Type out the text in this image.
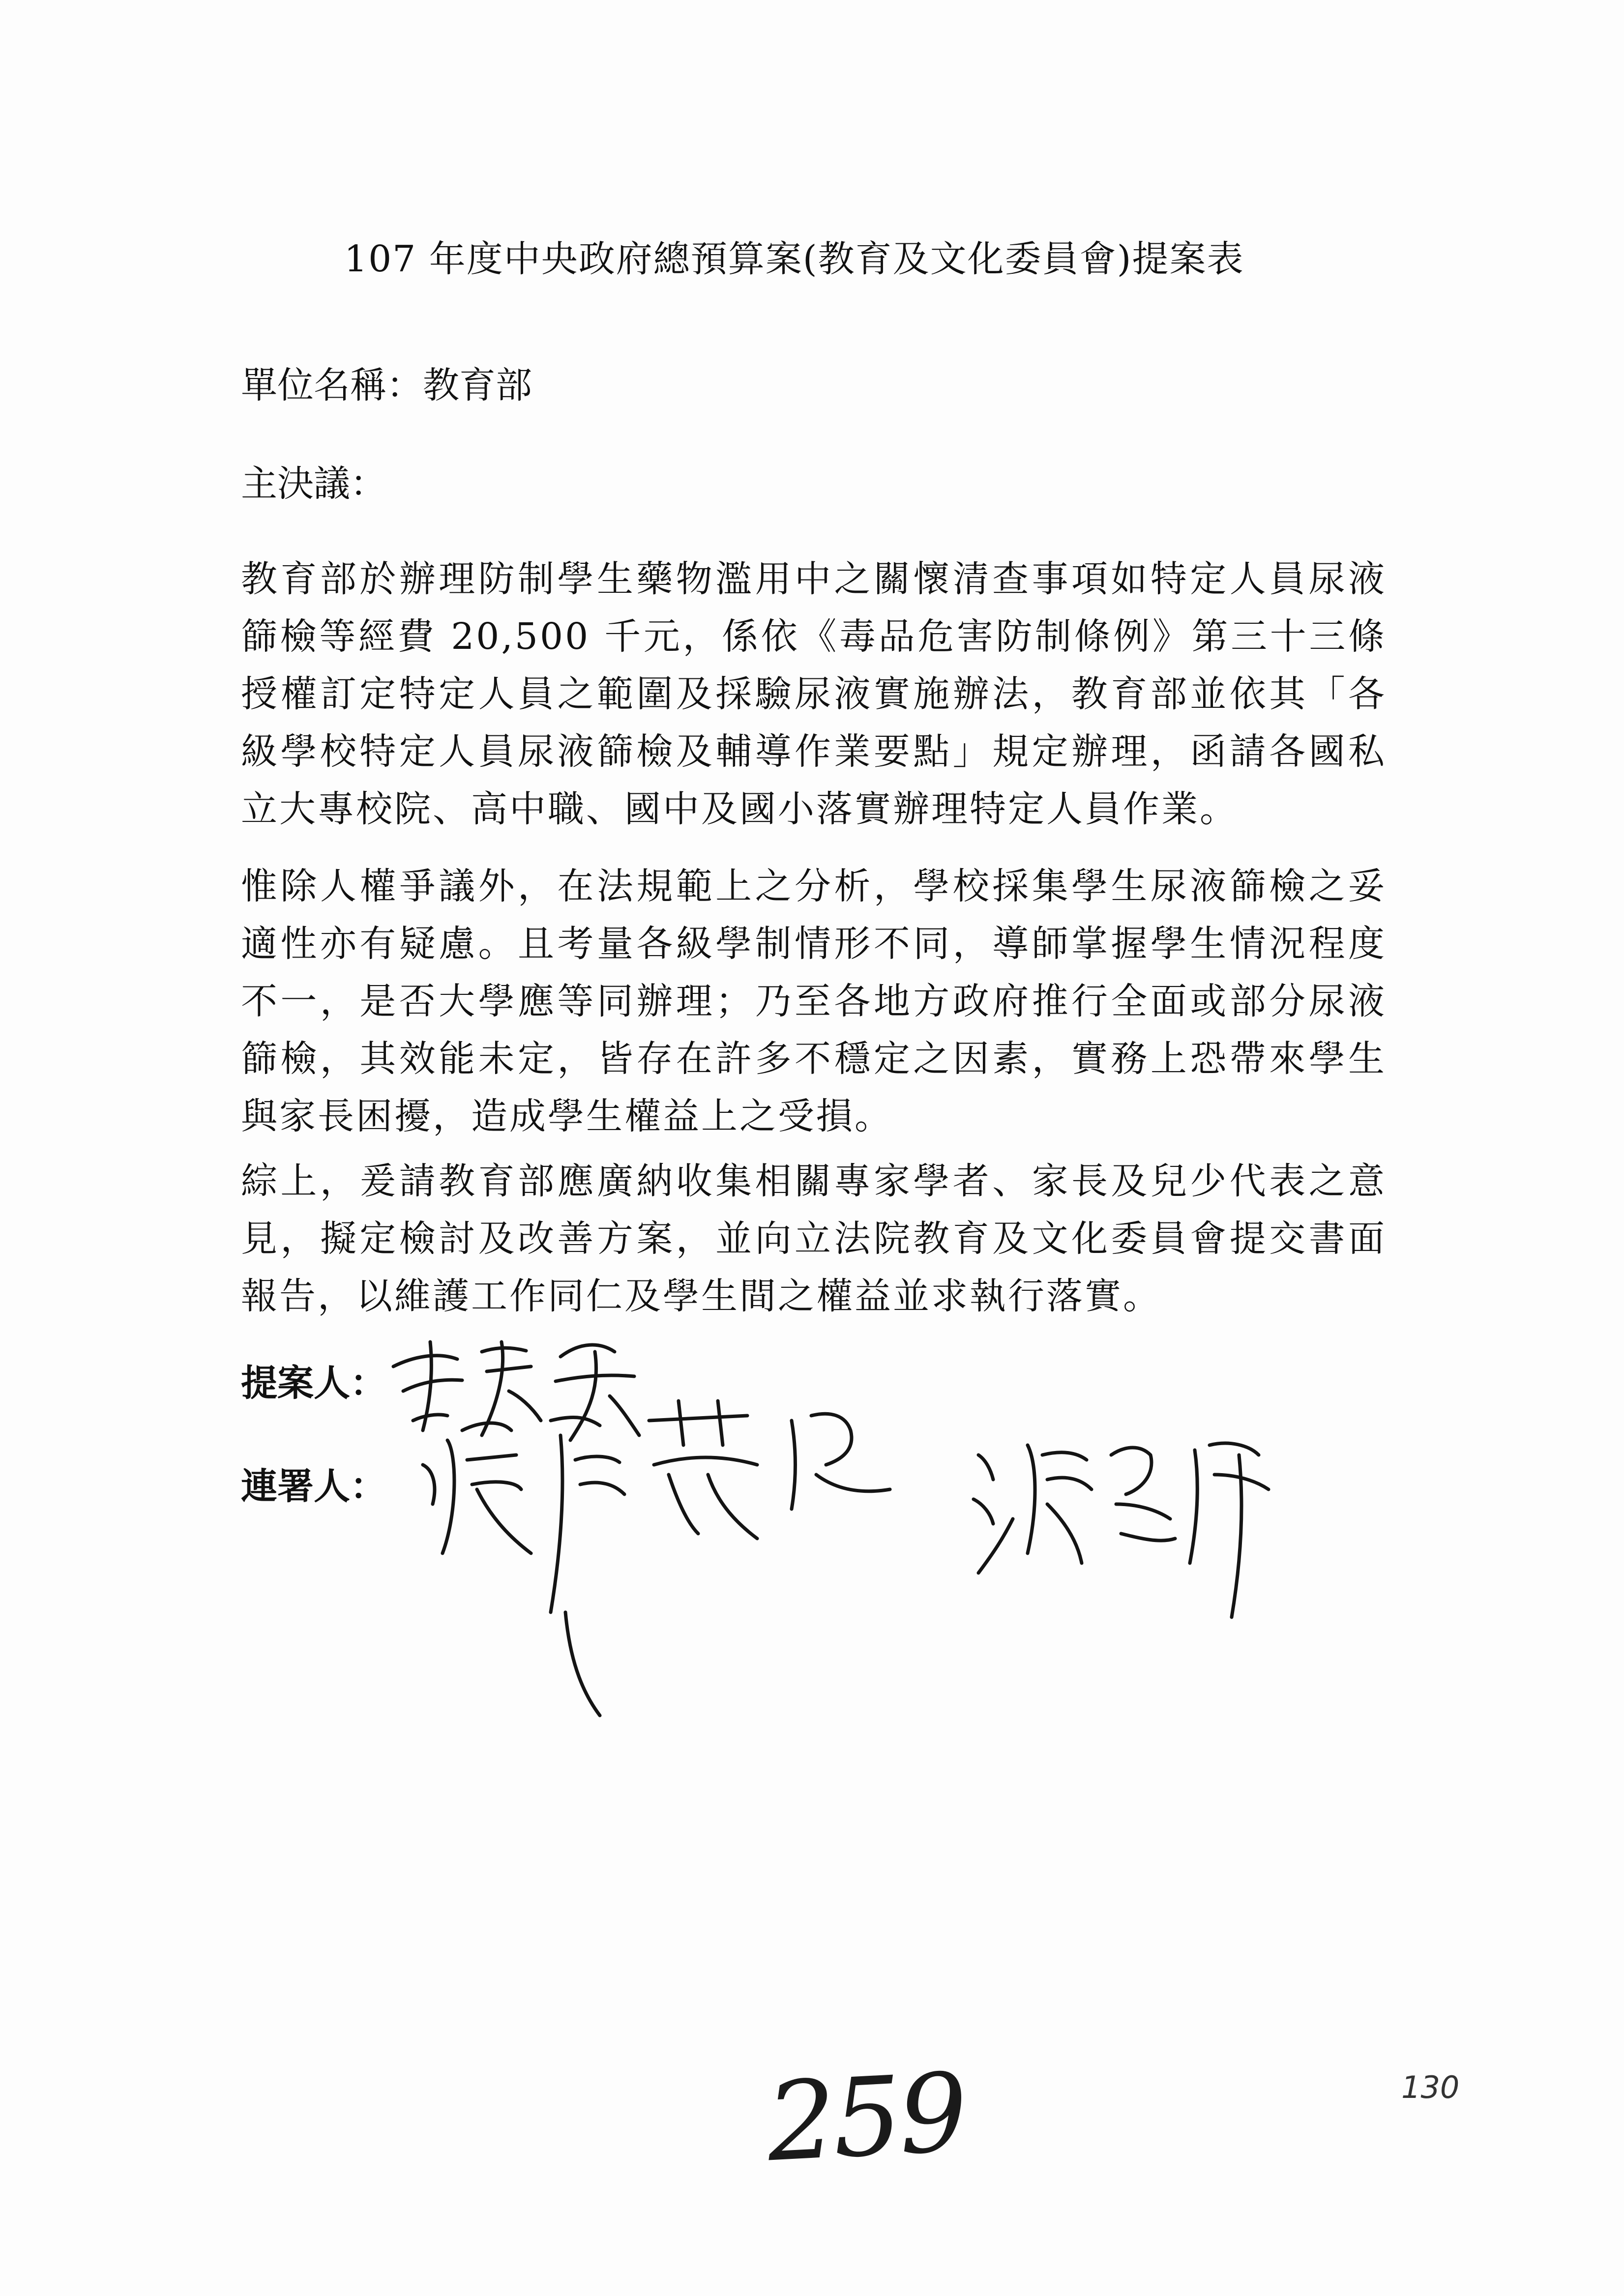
107 年度中央政府總預算案(教育及文化委員會)提案表
單位名稱：教育部
主決議：
教育部於辦理防制學生藥物濫用中之關懷清查事項如特定人員尿液篩檢等經費 20,500 千元，係依《毒品危害防制條例》第三十三條授權訂定特定人員之範圍及採驗尿液實施辦法，教育部並依其「各級學校特定人員尿液篩檢及輔導作業要點」規定辦理，函請各國私立大專校院、高中職、國中及國小落實辦理特定人員作業。
惟除人權爭議外，在法規範上之分析，學校採集學生尿液篩檢之妥適性亦有疑慮。且考量各級學制情形不同，導師掌握學生情況程度不一，是否大學應等同辦理；乃至各地方政府推行全面或部分尿液篩檢，其效能未定，皆存在許多不穩定之因素，實務上恐帶來學生與家長困擾，造成學生權益上之受損。
綜上，爰請教育部應廣納收集相關專家學者、家長及兒少代表之意見，擬定檢討及改善方案，並向立法院教育及文化委員會提交書面報告，以維護工作同仁及學生間之權益並求執行落實。
提案人：
連署人：
259	130
